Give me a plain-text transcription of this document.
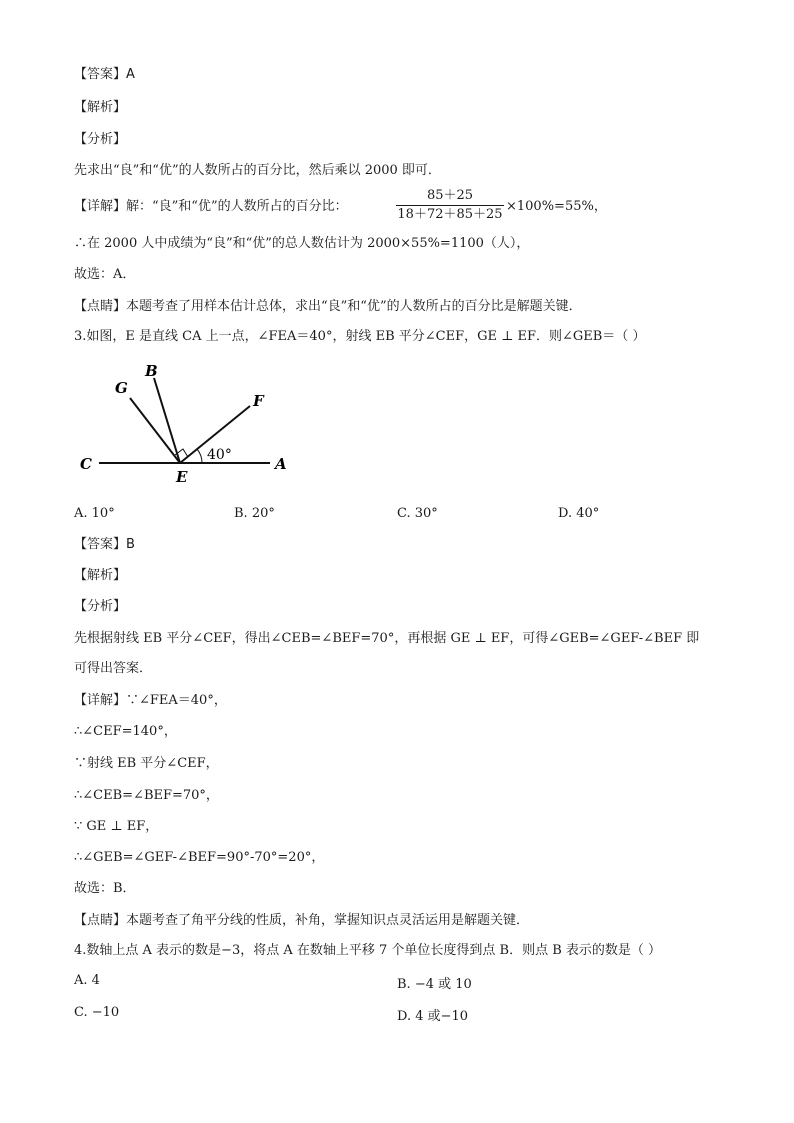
【答案】A
【解析】
【分析】
先求出“良”和“优”的人数所占的百分比，然后乘以 2000 即可．
【详解】解：“良”和“优”的人数所占的百分比：
85＋25
18＋72＋85＋25
×100%=55%，
∴在 2000 人中成绩为“良”和“优”的总人数估计为 2000×55%=1100（人），
故选：A．
【点睛】本题考查了用样本估计总体，求出“良”和“优”的人数所占的百分比是解题关键．
3.如图，E 是直线 CA 上一点，∠FEA＝40°，射线 EB 平分∠CEF，GE ⊥ EF．则∠GEB＝（ ）
G
B
F
C
E
A
40°
A. 10°	B. 20°	C. 30°	D. 40°
【答案】B
【解析】
【分析】
先根据射线 EB 平分∠CEF，得出∠CEB=∠BEF=70°，再根据 GE ⊥ EF，可得∠GEB=∠GEF-∠BEF 即
可得出答案．
【详解】∵∠FEA＝40°，
∴∠CEF=140°，
∵射线 EB 平分∠CEF，
∴∠CEB=∠BEF=70°，
∵ GE ⊥ EF，
∴∠GEB=∠GEF-∠BEF=90°-70°=20°，
故选：B．
【点睛】本题考查了角平分线的性质，补角，掌握知识点灵活运用是解题关键．
4.数轴上点 A 表示的数是−3，将点 A 在数轴上平移 7 个单位长度得到点 B．则点 B 表示的数是（ ）
A. 4	B. −4 或 10
C. −10	D. 4 或−10
